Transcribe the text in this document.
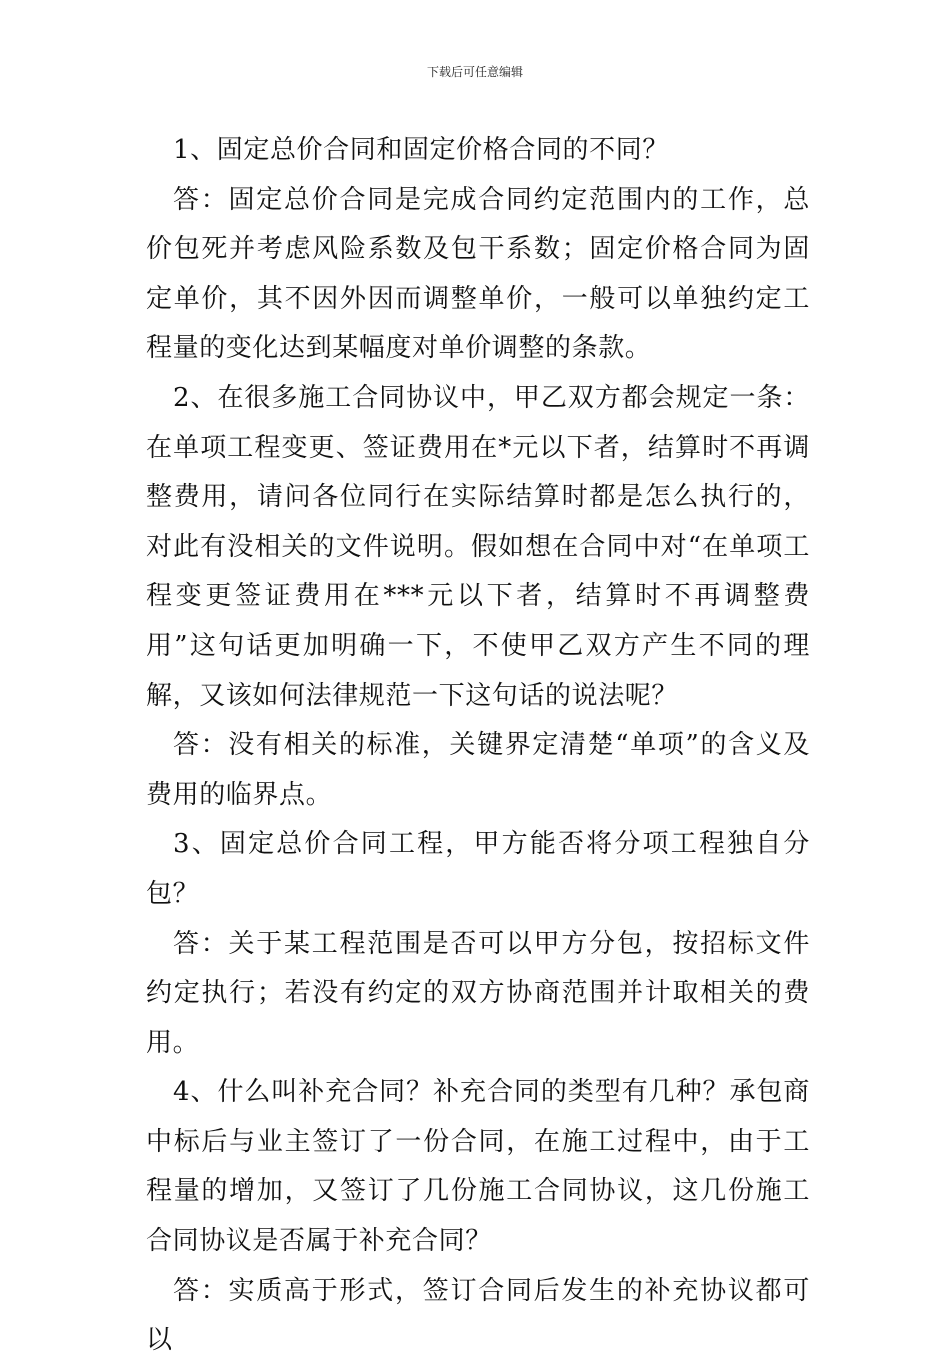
下载后可任意编辑

1、固定总价合同和固定价格合同的不同？

答：固定总价合同是完成合同约定范围内的工作，总价包死并考虑风险系数及包干系数；固定价格合同为固定单价，其不因外因而调整单价，一般可以单独约定工程量的变化达到某幅度对单价调整的条款。

2、在很多施工合同协议中，甲乙双方都会规定一条：在单项工程变更、签证费用在*元以下者，结算时不再调整费用，请问各位同行在实际结算时都是怎么执行的，对此有没相关的文件说明。假如想在合同中对“在单项工程变更签证费用在***元以下者，结算时不再调整费用”这句话更加明确一下，不使甲乙双方产生不同的理解，又该如何法律规范一下这句话的说法呢？

答：没有相关的标准，关键界定清楚“单项”的含义及费用的临界点。

3、固定总价合同工程，甲方能否将分项工程独自分包？

答：关于某工程范围是否可以甲方分包，按招标文件约定执行；若没有约定的双方协商范围并计取相关的费用。

4、什么叫补充合同？补充合同的类型有几种？承包商中标后与业主签订了一份合同，在施工过程中，由于工程量的增加，又签订了几份施工合同协议，这几份施工合同协议是否属于补充合同？

答：实质高于形式，签订合同后发生的补充协议都可以
